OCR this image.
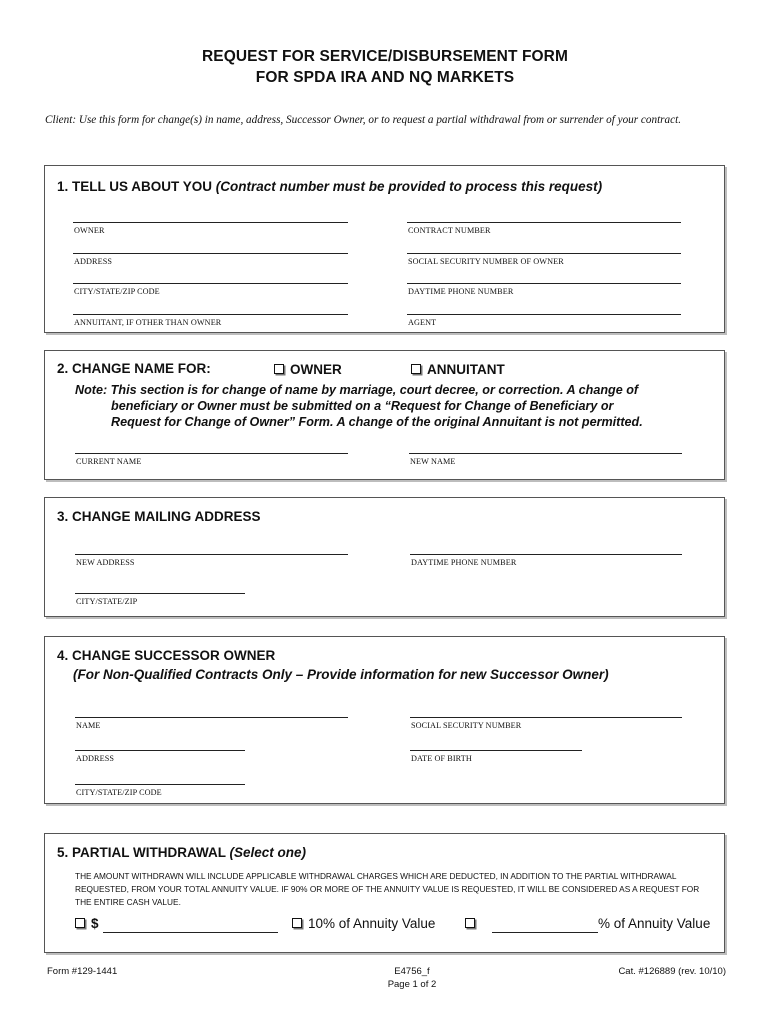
REQUEST FOR SERVICE/DISBURSEMENT FORM
FOR SPDA IRA AND NQ MARKETS
Client: Use this form for change(s) in name, address, Successor Owner, or to request a partial withdrawal from or surrender of your contract.
1. TELL US ABOUT YOU (Contract number must be provided to process this request)
OWNER	CONTRACT NUMBER
ADDRESS	SOCIAL SECURITY NUMBER OF OWNER
CITY/STATE/ZIP CODE	DAYTIME PHONE NUMBER
ANNUITANT, IF OTHER THAN OWNER	AGENT
2. CHANGE NAME FOR:	OWNER	ANNUITANT
Note: This section is for change of name by marriage, court decree, or correction. A change of
beneficiary or Owner must be submitted on a “Request for Change of Beneficiary or
Request for Change of Owner” Form. A change of the original Annuitant is not permitted.
CURRENT NAME	NEW NAME
3. CHANGE MAILING ADDRESS
NEW ADDRESS	DAYTIME PHONE NUMBER
CITY/STATE/ZIP
4. CHANGE SUCCESSOR OWNER
(For Non-Qualified Contracts Only – Provide information for new Successor Owner)
NAME	SOCIAL SECURITY NUMBER
ADDRESS	DATE OF BIRTH
CITY/STATE/ZIP CODE
5. PARTIAL WITHDRAWAL (Select one)
THE AMOUNT WITHDRAWN WILL INCLUDE APPLICABLE WITHDRAWAL CHARGES WHICH ARE DEDUCTED, IN ADDITION TO THE PARTIAL WITHDRAWAL REQUESTED, FROM YOUR TOTAL ANNUITY VALUE. IF 90% OR MORE OF THE ANNUITY VALUE IS REQUESTED, IT WILL BE CONSIDERED AS A REQUEST FOR THE ENTIRE CASH VALUE.
$	10% of Annuity Value	% of Annuity Value
Form #129-1441	E4756_f
Page 1 of 2
Cat. #126889 (rev. 10/10)
